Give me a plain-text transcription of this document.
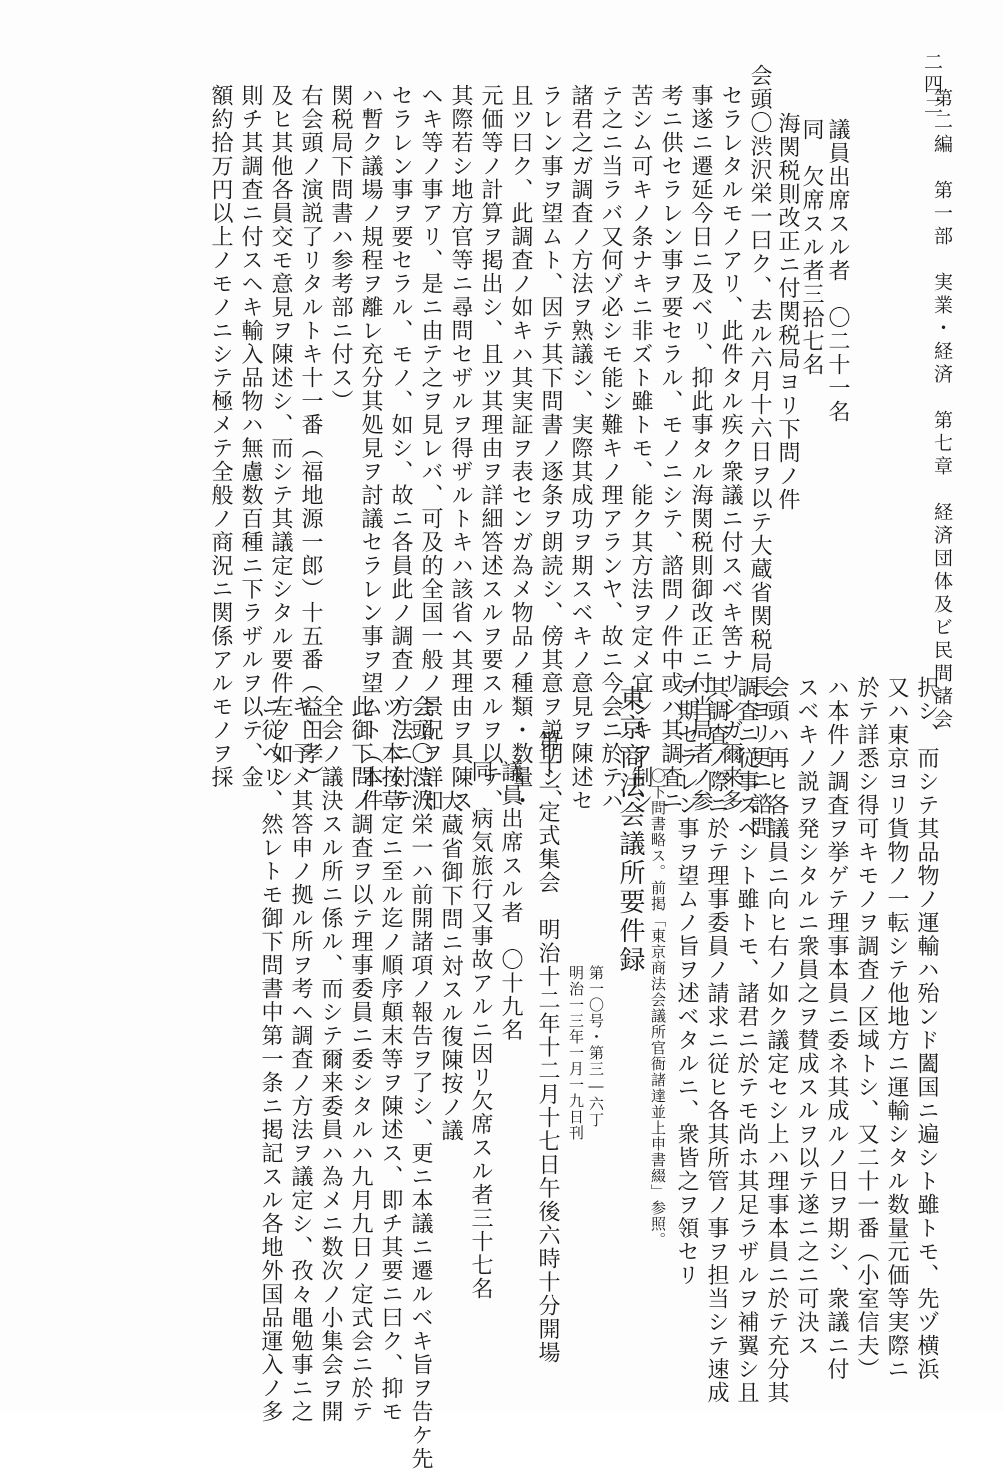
第二編　第一部　実業・経済　第七章　経済団体及ビ民間諸会
二四二
議員出席スル者　〇二十一名
同　欠席スル者三拾七名
海関税則改正ニ付関税局ヨリ下問ノ件
会頭〇渋沢栄一曰ク、去ル六月十六日ヲ以テ大蔵省関税局長ヨリ更ニ諮問
セラレタルモノアリ、此件タル疾ク衆議ニ付スベキ筈ナリシガ爾来多
事遂ニ遷延今日ニ及ベリ、抑此事タル海関税則御改正ニ付当局者ノ参
考ニ供セラレン事ヲ要セラル、モノニシテ、諮問ノ件中或ハ其調査ニ
苦シム可キノ条ナキニ非ズト雖トモ、能ク其方法ヲ定メ宜シキヲ制シ
テ之ニ当ラバ又何ゾ必シモ能シ難キノ理アランヤ、故ニ今会ニ於テハ
諸君之ガ調査ノ方法ヲ熟議シ、実際其成功ヲ期スベキノ意見ヲ陳述セ
ラレン事ヲ望ムト、因テ其下問書ノ逐条ヲ朗読シ、傍其意ヲ説明シ、
且ツ曰ク、此調査ノ如キハ其実証ヲ表センガ為メ物品ノ種類・数量・
元価等ノ計算ヲ掲出シ、且ツ其理由ヲ詳細答述スルヲ要スルヲ以テ、
其際若シ地方官等ニ尋問セザルヲ得ザルトキハ該省ヘ其理由ヲ具陳ス
ヘキ等ノ事アリ、是ニ由テ之ヲ見レバ、可及的全国一般ノ景況ヲ詳知
セラレン事ヲ要セラル、モノ、如シ、故ニ各員此ノ調査ノ方法ニ付テ
ハ暫ク議場ノ規程ヲ離レ充分其処見ヲ討議セラレン事ヲ望ムト（本件
関税局下問書ハ参考部ニ付ス）
右会頭ノ演説了リタルトキ十一番（福地源一郎）十五番（益田孝）
及ヒ其他各員交モ意見ヲ陳述シ、而シテ其議定シタル要件左ノ如シ
則チ其調査ニ付スヘキ輸入品物ハ無慮数百種ニ下ラザルヲ以テ、金
額約拾万円以上ノモノニシテ極メテ全般ノ商況ニ関係アルモノヲ採
択シ、而シテ其品物ノ運輸ハ殆ンド闔国ニ遍シト雖トモ、先ヅ横浜
又ハ東京ヨリ貨物ノ一転シテ他地方ニ運輸シタル数量元価等実際ニ
於テ詳悉シ得可キモノヲ調査ノ区域トシ、又二十一番（小室信夫）
ハ本件ノ調査ヲ挙ゲテ理事本員ニ委ネ其成ルノ日ヲ期シ、衆議ニ付
スベキノ説ヲ発シタルニ衆員之ヲ賛成スルヲ以テ遂ニ之ニ可決ス
会頭ハ再ヒ各議員ニ向ヒ右ノ如ク議定セシ上ハ理事本員ニ於テ充分其
調査ニ従事スベシト雖トモ、諸君ニ於テモ尚ホ其足ラザルヲ補翼シ且
其調査ノ際ニ於テ理事委員ノ請求ニ従ヒ各其所管ノ事ヲ担当シテ速成
ヲ期セラレン事ヲ望ムノ旨ヲ述ベタルニ、衆皆之ヲ領セリ
〇下問書略ス。前掲「東京商法会議所官衙諸達並上申書綴」参照。
東京商法会議所要件録
第一〇号・第三―六丁
明治一三年一月一九日刊
第十一定式集会　明治十二年十二月十七日午後六時十分開場
議員出席スル者　〇十九名
同　病気旅行又事故アルニ因リ欠席スル者三十七名
大蔵省御下問ニ対スル復陳按ノ議
会頭〇渋沢栄一ハ前開諸項ノ報告ヲ了シ、更ニ本議ニ遷ルベキ旨ヲ告ケ先
ツ、本按草定ニ至ル迄ノ順序顛末等ヲ陳述ス、即チ其要ニ曰ク、抑モ
此御下問ノ調査ヲ以テ理事委員ニ委シタルハ九月九日ノ定式会ニ於テ
全会ノ議決スル所ニ係ル、而シテ爾来委員ハ為メニ数次ノ小集会ヲ開
キ、予メ其答申ノ拠ル所ヲ考ヘ調査ノ方法ヲ議定シ、孜々黽勉事ニ之
ニ従ヘリ、然レトモ御下問書中第一条ニ掲記スル各地外国品運入ノ多
